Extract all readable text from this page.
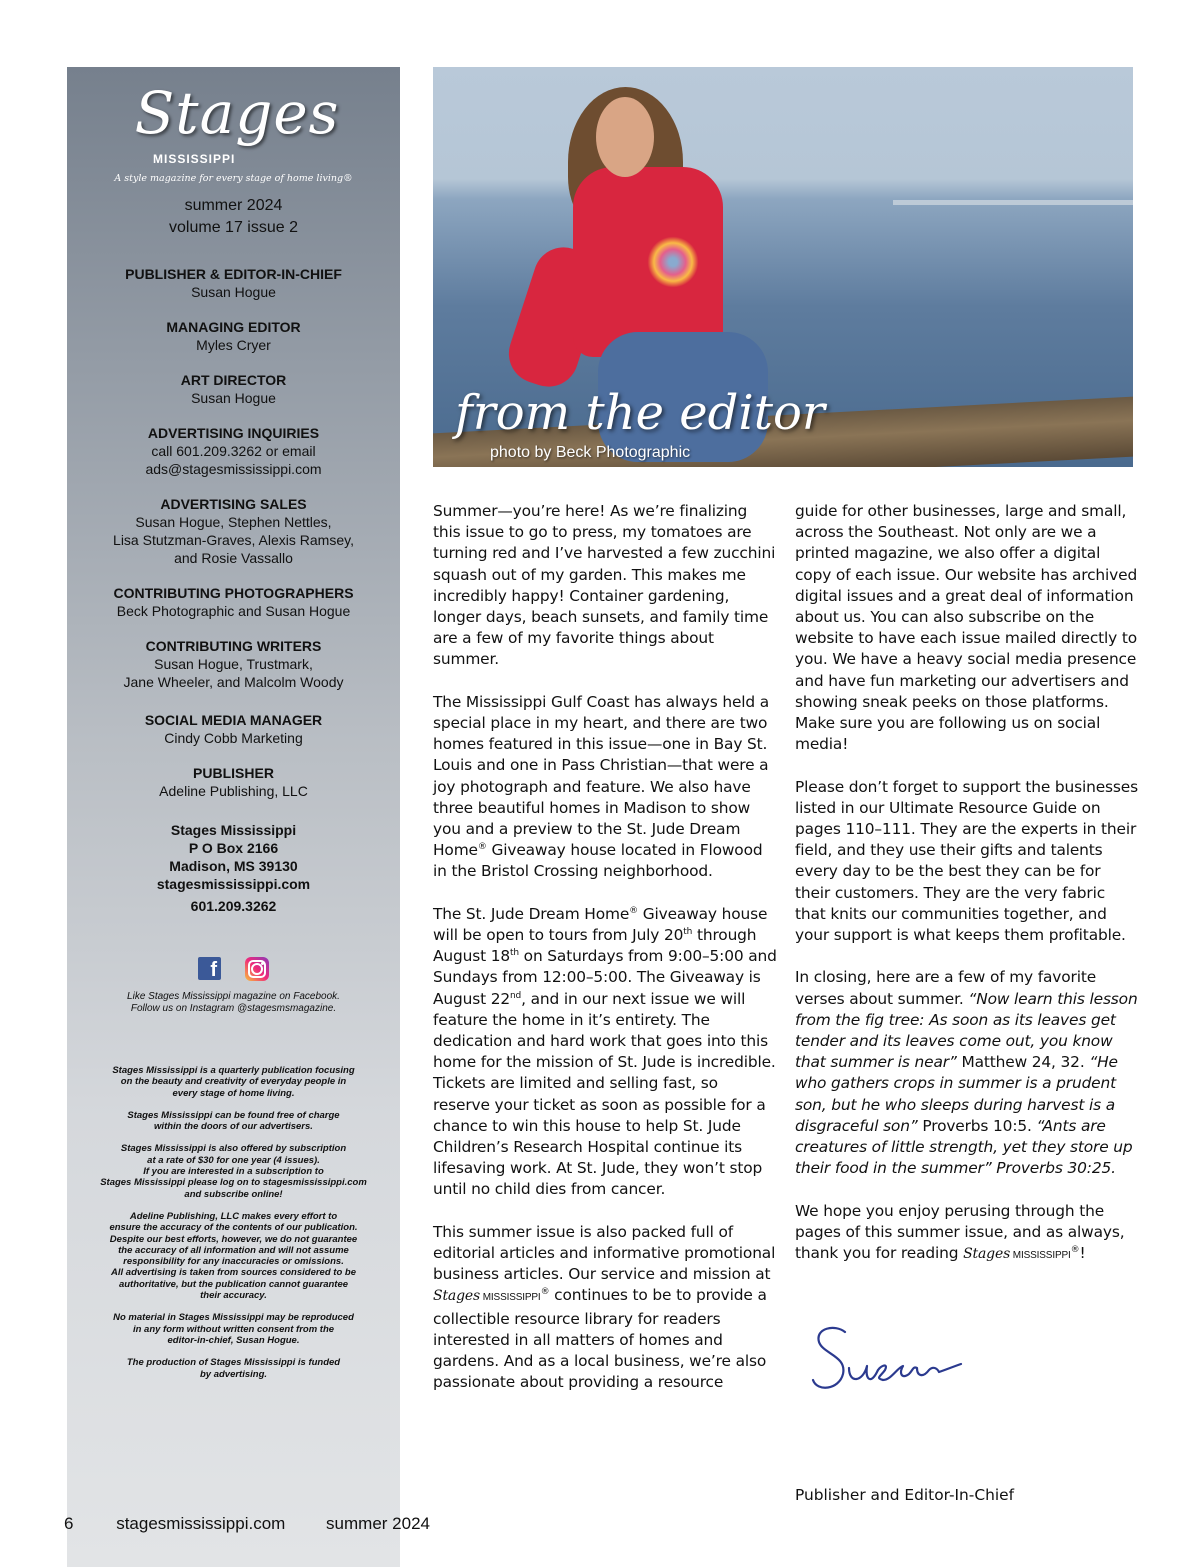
Stages
MISSISSIPPI
A style magazine for every stage of home living®
summer 2024
volume 17 issue 2
PUBLISHER & EDITOR-IN-CHIEF
Susan Hogue
MANAGING EDITOR
Myles Cryer
ART DIRECTOR
Susan Hogue
ADVERTISING INQUIRIES
call 601.209.3262 or email
ads@stagesmississippi.com
ADVERTISING SALES
Susan Hogue, Stephen Nettles,
Lisa Stutzman-Graves, Alexis Ramsey,
and Rosie Vassallo
CONTRIBUTING PHOTOGRAPHERS
Beck Photographic and Susan Hogue
CONTRIBUTING WRITERS
Susan Hogue, Trustmark,
Jane Wheeler, and Malcolm Woody
SOCIAL MEDIA MANAGER
Cindy Cobb Marketing
PUBLISHER
Adeline Publishing, LLC
Stages Mississippi
P O Box 2166
Madison, MS 39130
stagesmississippi.com
601.209.3262
f
Like Stages Mississippi magazine on Facebook.
Follow us on Instagram @stagesmsmagazine.

Stages Mississippi is a quarterly publication focusing
on the beauty and creativity of everyday people in
every stage of home living.

Stages Mississippi can be found free of charge
within the doors of our advertisers.

Stages Mississippi is also offered by subscription
at a rate of $30 for one year (4 issues).
If you are interested in a subscription to
Stages Mississippi please log on to stagesmississippi.com
and subscribe online!

Adeline Publishing, LLC makes every effort to
ensure the accuracy of the contents of our publication.
Despite our best efforts, however, we do not guarantee
the accuracy of all information and will not assume
responsibility for any inaccuracies or omissions.
All advertising is taken from sources considered to be
authoritative, but the publication cannot guarantee
their accuracy.

No material in Stages Mississippi may be reproduced
in any form without written consent from the
editor-in-chief, Susan Hogue.

The production of Stages Mississippi is funded
by advertising.

from the editor
photo by Beck Photographic

Summer—you’re here! As we’re finalizing this issue to go to press, my tomatoes are turning red and I’ve harvested a few zucchini squash out of my garden. This makes me incredibly happy! Container gardening, longer days, beach sunsets, and family time are a few of my favorite things about summer.

The Mississippi Gulf Coast has always held a special place in my heart, and there are two homes featured in this issue—one in Bay St. Louis and one in Pass Christian—that were a joy photograph and feature. We also have three beautiful homes in Madison to show you and a preview to the St. Jude Dream Home® Giveaway house located in Flowood in the Bristol Crossing neighborhood.

The St. Jude Dream Home® Giveaway house will be open to tours from July 20th through August 18th on Saturdays from 9:00–5:00 and Sundays from 12:00–5:00. The Giveaway is August 22nd, and in our next issue we will feature the home in it’s entirety. The dedication and hard work that goes into this home for the mission of St. Jude is incredible. Tickets are limited and selling fast, so reserve your ticket as soon as possible for a chance to win this house to help St. Jude Children’s Research Hospital continue its lifesaving work. At St. Jude, they won’t stop until no child dies from cancer.

This summer issue is also packed full of editorial articles and informative promotional business articles. Our service and mission at Stages MISSISSIPPI® continues to be to provide a collectible resource library for readers interested in all matters of homes and gardens. And as a local business, we’re also passionate about providing a resource

guide for other businesses, large and small, across the Southeast. Not only are we a printed magazine, we also offer a digital copy of each issue. Our website has archived digital issues and a great deal of information about us. You can also subscribe on the website to have each issue mailed directly to you. We have a heavy social media presence and have fun marketing our advertisers and showing sneak peeks on those platforms. Make sure you are following us on social media!

Please don’t forget to support the businesses listed in our Ultimate Resource Guide on pages 110–111. They are the experts in their field, and they use their gifts and talents every day to be the best they can be for their customers. They are the very fabric that knits our communities together, and your support is what keeps them profitable.

In closing, here are a few of my favorite verses about summer. “Now learn this lesson from the fig tree: As soon as its leaves get tender and its leaves come out, you know that summer is near” Matthew 24, 32. “He who gathers crops in summer is a prudent son, but he who sleeps during harvest is a disgraceful son” Proverbs 10:5. “Ants are creatures of little strength, yet they store up their food in the summer” Proverbs 30:25.

We hope you enjoy perusing through the pages of this summer issue, and as always, thank you for reading Stages MISSISSIPPI®!

Publisher and Editor-In-Chief
6	stagesmississippi.com summer 2024
